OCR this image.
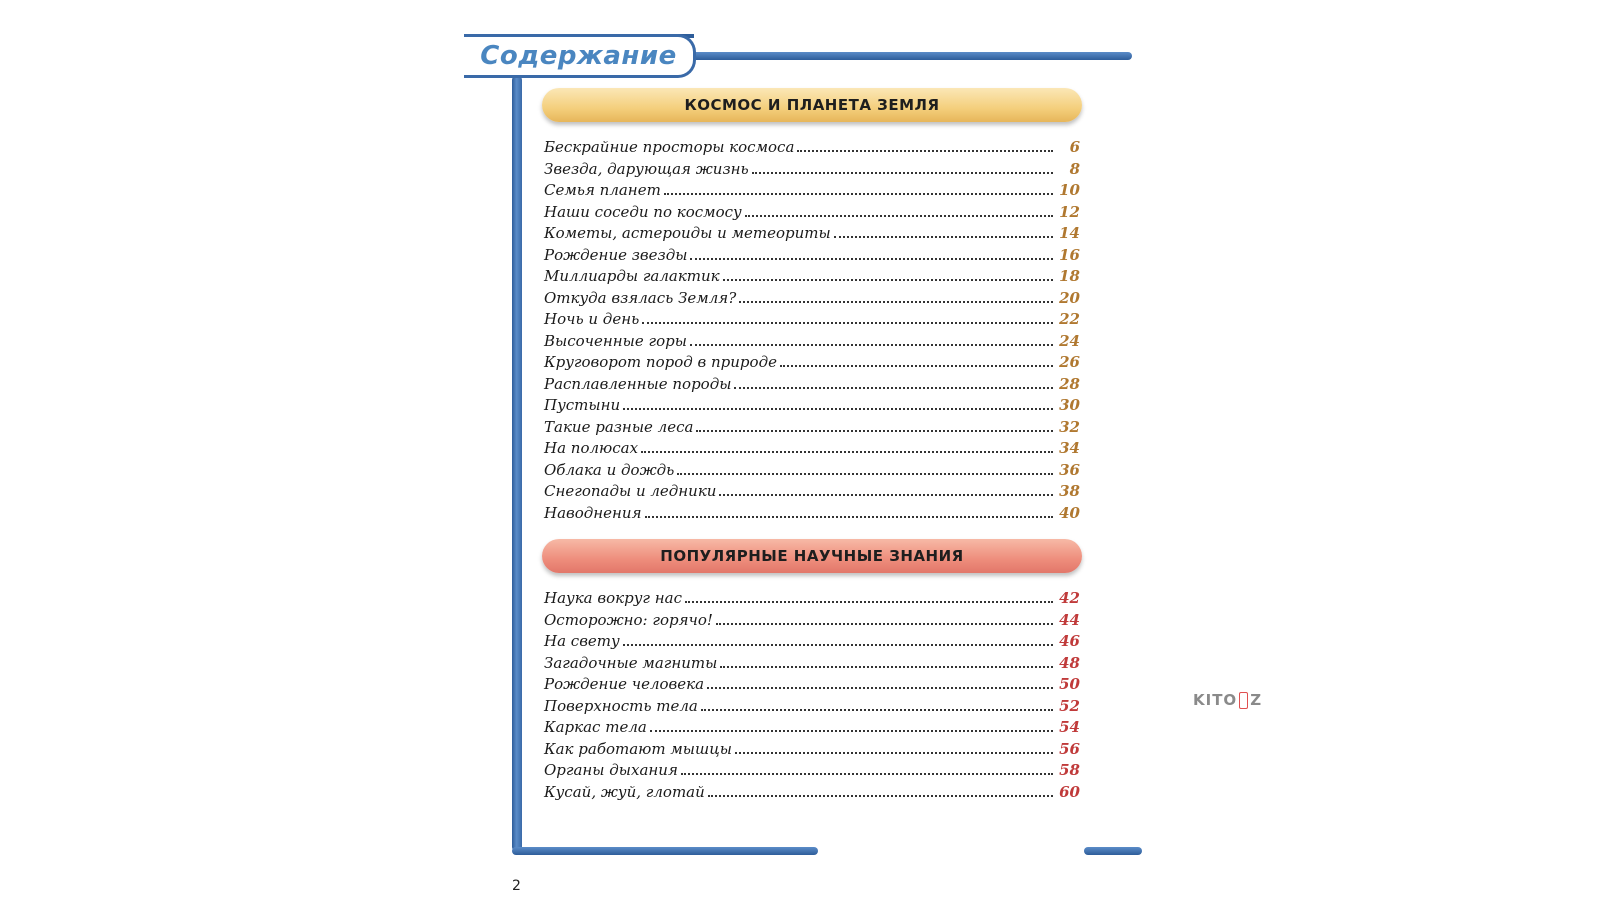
Содержание
КОСМОС И ПЛАНЕТА ЗЕМЛЯ
Бескрайние просторы космоса	6
Звезда, дарующая жизнь	8
Семья планет	10
Наши соседи по космосу	12
Кометы, астероиды и метеориты	14
Рождение звезды	16
Миллиарды галактик	18
Откуда взялась Земля?	20
Ночь и день	22
Высоченные горы	24
Круговорот пород в природе	26
Расплавленные породы	28
Пустыни	30
Такие разные леса	32
На полюсах	34
Облака и дождь	36
Снегопады и ледники	38
Наводнения	40
ПОПУЛЯРНЫЕ НАУЧНЫЕ ЗНАНИЯ
Наука вокруг нас	42
Осторожно: горячо!	44
На свету	46
Загадочные магниты	48
Рождение человека	50
Поверхность тела	52
Каркас тела	54
Как работают мышцы	56
Органы дыхания	58
Кусай, жуй, глотай	60
2
KITO Z
